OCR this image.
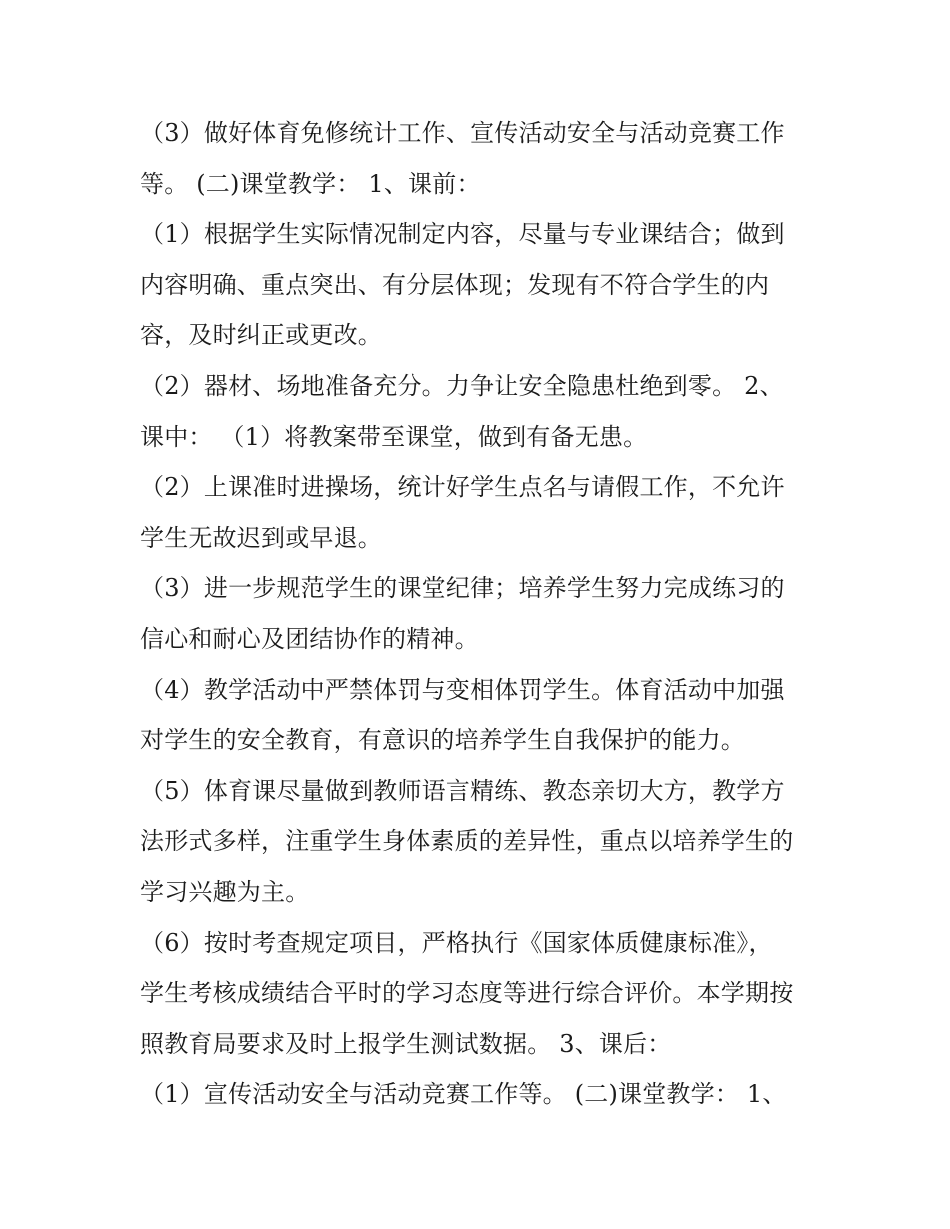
（3）做好体育免修统计工作、宣传活动安全与活动竞赛工作
等。 (二)课堂教学： 1、课前：
（1）根据学生实际情况制定内容，尽量与专业课结合；做到
内容明确、重点突出、有分层体现；发现有不符合学生的内
容，及时纠正或更改。
（2）器材、场地准备充分。力争让安全隐患杜绝到零。 2、
课中： （1）将教案带至课堂，做到有备无患。
（2）上课准时进操场，统计好学生点名与请假工作，不允许
学生无故迟到或早退。
（3）进一步规范学生的课堂纪律；培养学生努力完成练习的
信心和耐心及团结协作的精神。
（4）教学活动中严禁体罚与变相体罚学生。体育活动中加强
对学生的安全教育，有意识的培养学生自我保护的能力。
（5）体育课尽量做到教师语言精练、教态亲切大方，教学方
法形式多样，注重学生身体素质的差异性，重点以培养学生的
学习兴趣为主。
（6）按时考查规定项目，严格执行《国家体质健康标准》，
学生考核成绩结合平时的学习态度等进行综合评价。本学期按
照教育局要求及时上报学生测试数据。 3、课后：
（1）宣传活动安全与活动竞赛工作等。 (二)课堂教学： 1、
